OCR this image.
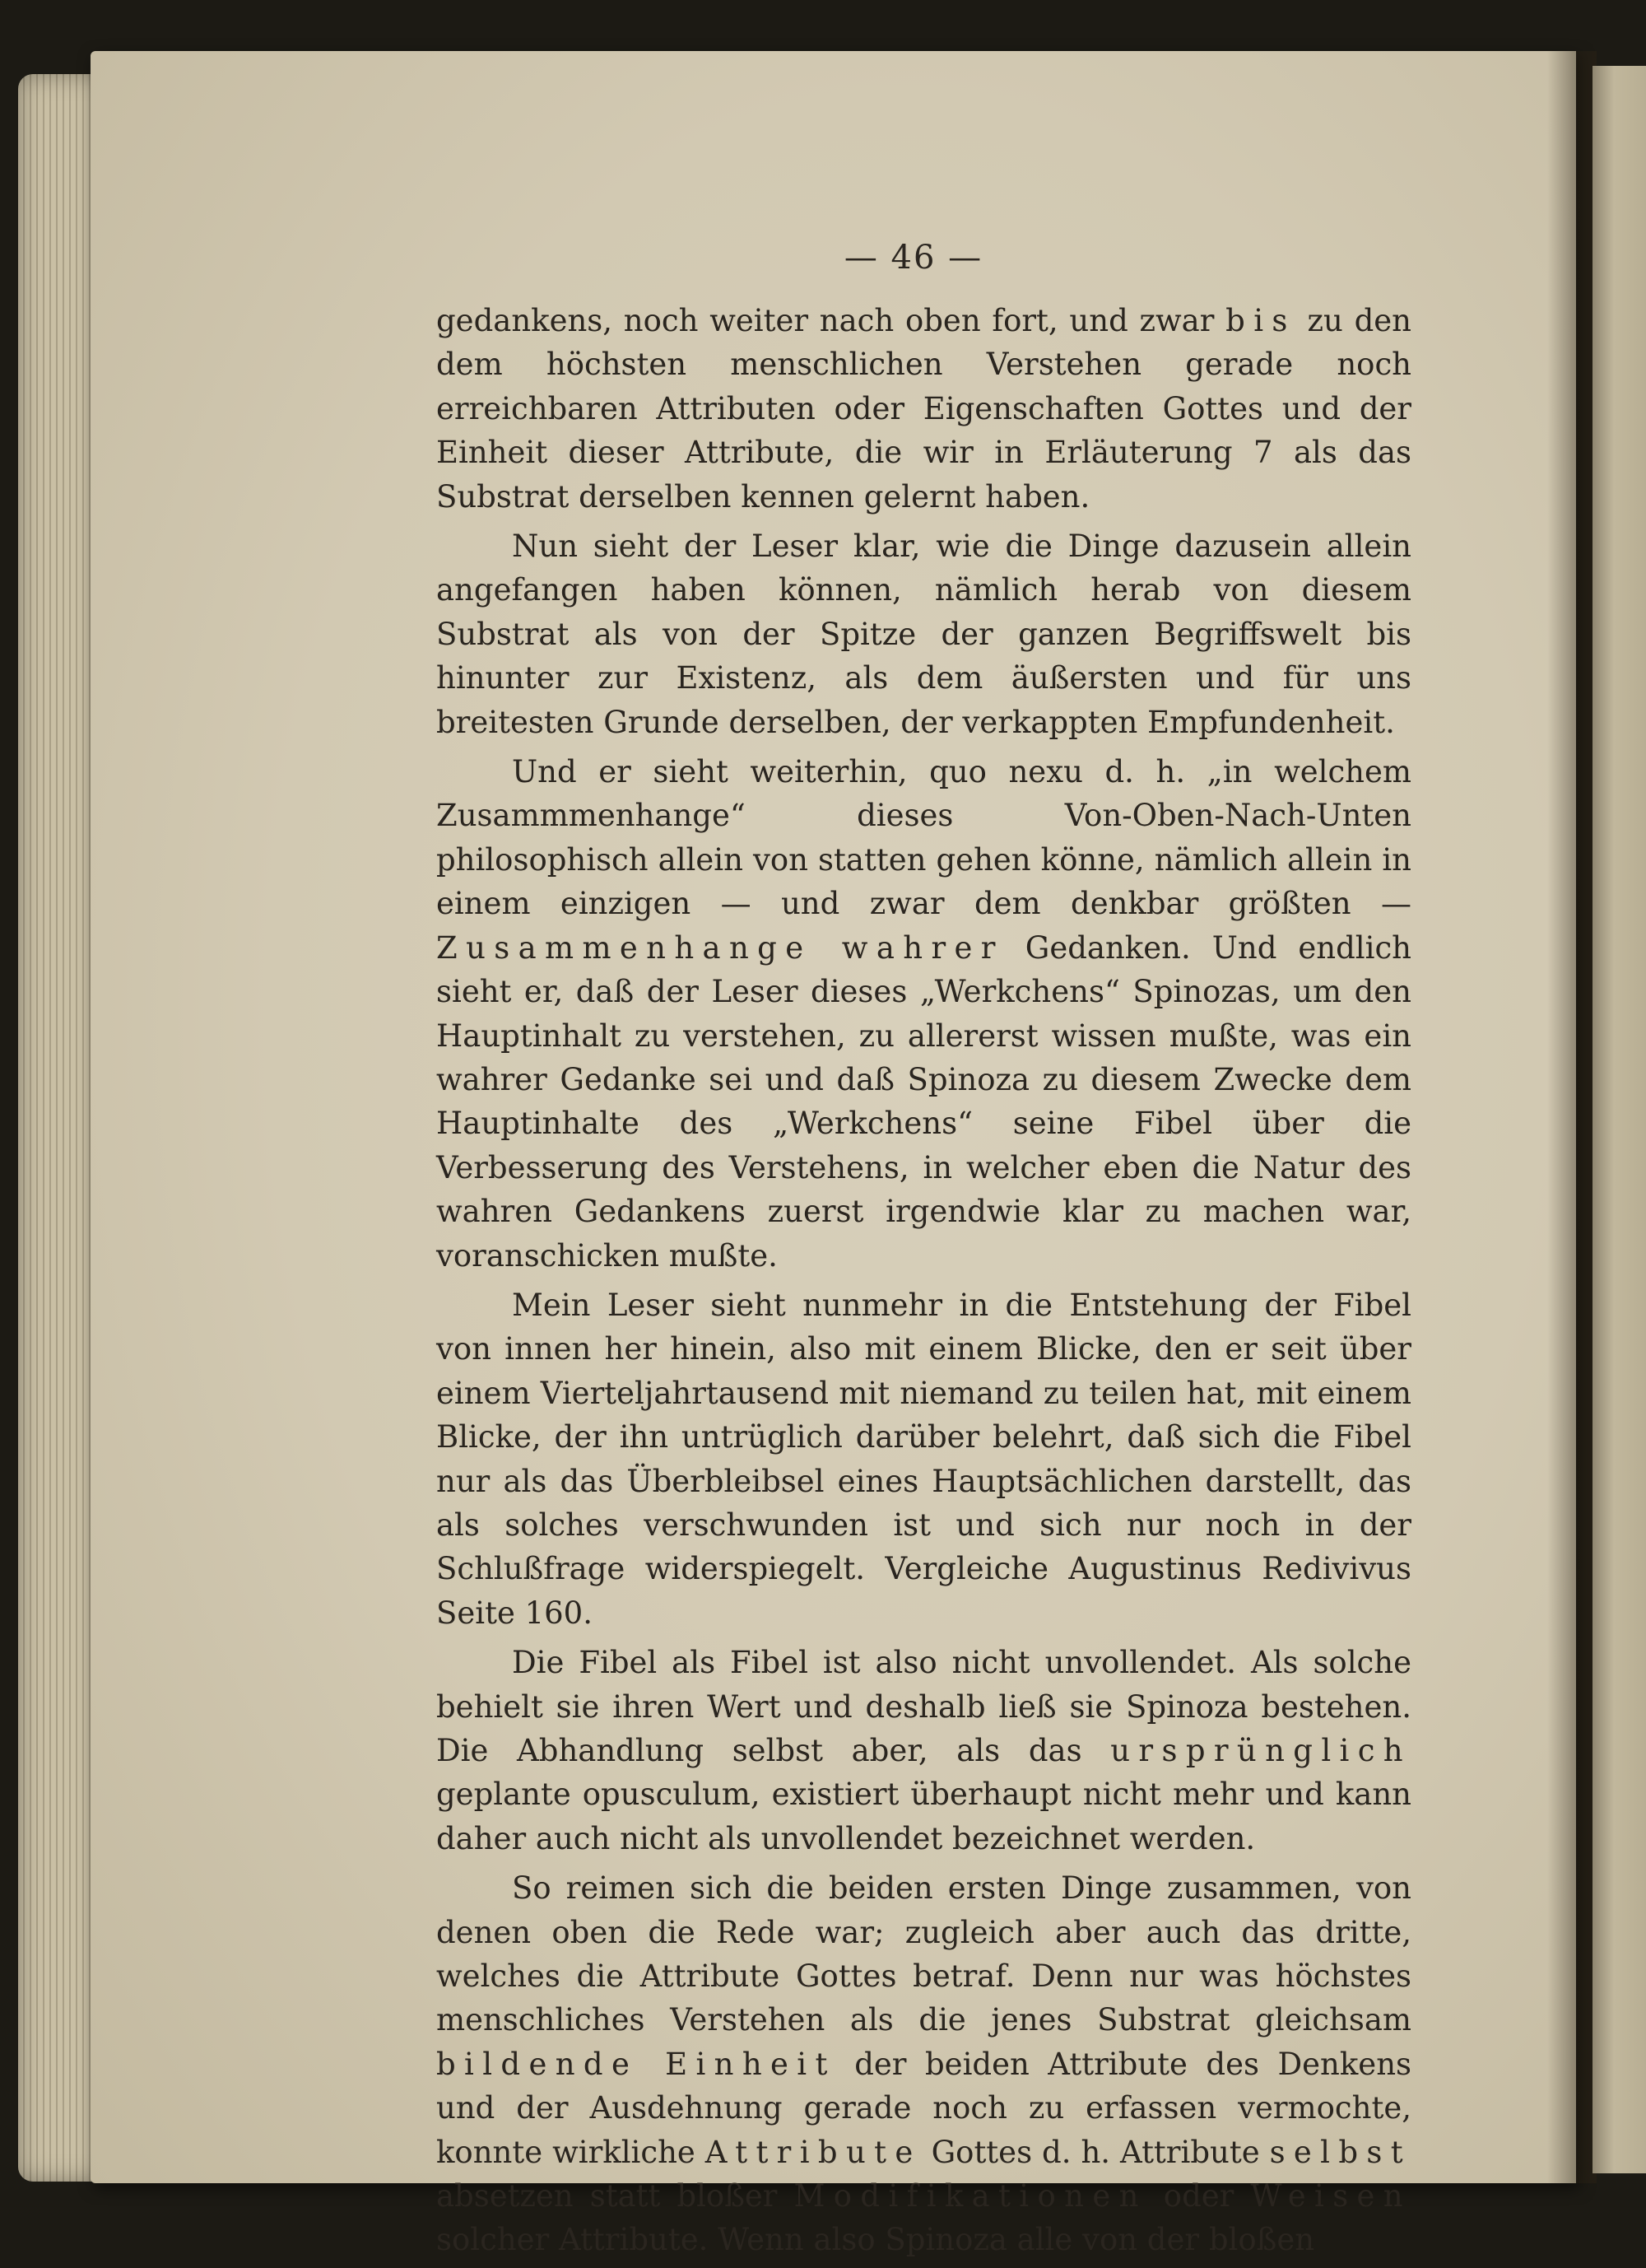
— 46 —

gedankens, noch weiter nach oben fort, und zwar bis zu den dem höchsten menschlichen Verstehen gerade noch erreichbaren Attributen oder Eigenschaften Gottes und der Einheit dieser Attribute, die wir in Erläuterung 7 als das Substrat derselben kennen gelernt haben.

Nun sieht der Leser klar, wie die Dinge dazusein allein angefangen haben können, nämlich herab von diesem Substrat als von der Spitze der ganzen Begriffswelt bis hinunter zur Existenz, als dem äußersten und für uns breitesten Grunde derselben, der verkappten Empfundenheit.

Und er sieht weiterhin, quo nexu d. h. „in welchem Zusammmenhange“ dieses Von-Oben-Nach-Unten philosophisch allein von statten gehen könne, nämlich allein in einem einzigen — und zwar dem denkbar größten — Zusammenhange wahrer Gedanken. Und endlich sieht er, daß der Leser dieses „Werkchens“ Spinozas, um den Hauptinhalt zu verstehen, zu allererst wissen mußte, was ein wahrer Gedanke sei und daß Spinoza zu diesem Zwecke dem Hauptinhalte des „Werkchens“ seine Fibel über die Verbesserung des Verstehens, in welcher eben die Natur des wahren Gedankens zuerst irgendwie klar zu machen war, voranschicken mußte.

Mein Leser sieht nunmehr in die Entstehung der Fibel von innen her hinein, also mit einem Blicke, den er seit über einem Vierteljahrtausend mit niemand zu teilen hat, mit einem Blicke, der ihn untrüglich darüber belehrt, daß sich die Fibel nur als das Überbleibsel eines Hauptsächlichen darstellt, das als solches verschwunden ist und sich nur noch in der Schlußfrage widerspiegelt. Vergleiche Augustinus Redivivus Seite 160.

Die Fibel als Fibel ist also nicht unvollendet. Als solche behielt sie ihren Wert und deshalb ließ sie Spinoza bestehen. Die Abhandlung selbst aber, als das ursprünglich geplante opusculum, existiert überhaupt nicht mehr und kann daher auch nicht als unvollendet bezeichnet werden.

So reimen sich die beiden ersten Dinge zusammen, von denen oben die Rede war; zugleich aber auch das dritte, welches die Attribute Gottes betraf. Denn nur was höchstes menschliches Verstehen als die jenes Substrat gleichsam bildende Einheit der beiden Attribute des Denkens und der Ausdehnung gerade noch zu erfassen vermochte, konnte wirkliche Attribute Gottes d. h. Attribute selbst absetzen statt bloßer Modifikationen oder Weisen solcher Attribute. Wenn also Spinoza alle von der bloßen
